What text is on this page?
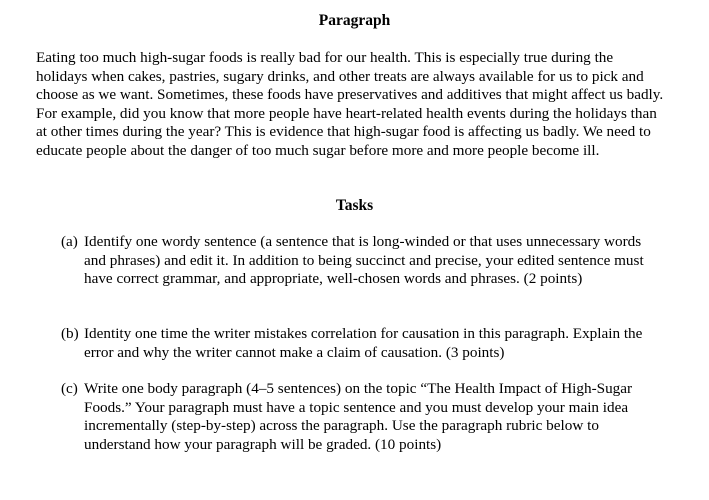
Paragraph

Eating too much high-sugar foods is really bad for our health. This is especially true during the holidays when cakes, pastries, sugary drinks, and other treats are always available for us to pick and choose as we want. Sometimes, these foods have preservatives and additives that might affect us badly. For example, did you know that more people have heart-related health events during the holidays than at other times during the year? This is evidence that high-sugar food is affecting us badly. We need to educate people about the danger of too much sugar before more and more people become ill.

Tasks
(a) Identify one wordy sentence (a sentence that is long-winded or that uses unnecessary words and phrases) and edit it. In addition to being succinct and precise, your edited sentence must have correct grammar, and appropriate, well-chosen words and phrases. (2 points)
(b) Identity one time the writer mistakes correlation for causation in this paragraph. Explain the error and why the writer cannot make a claim of causation. (3 points)
(c) Write one body paragraph (4–5 sentences) on the topic “The Health Impact of High-Sugar Foods.” Your paragraph must have a topic sentence and you must develop your main idea incrementally (step-by-step) across the paragraph. Use the paragraph rubric below to understand how your paragraph will be graded. (10 points)
